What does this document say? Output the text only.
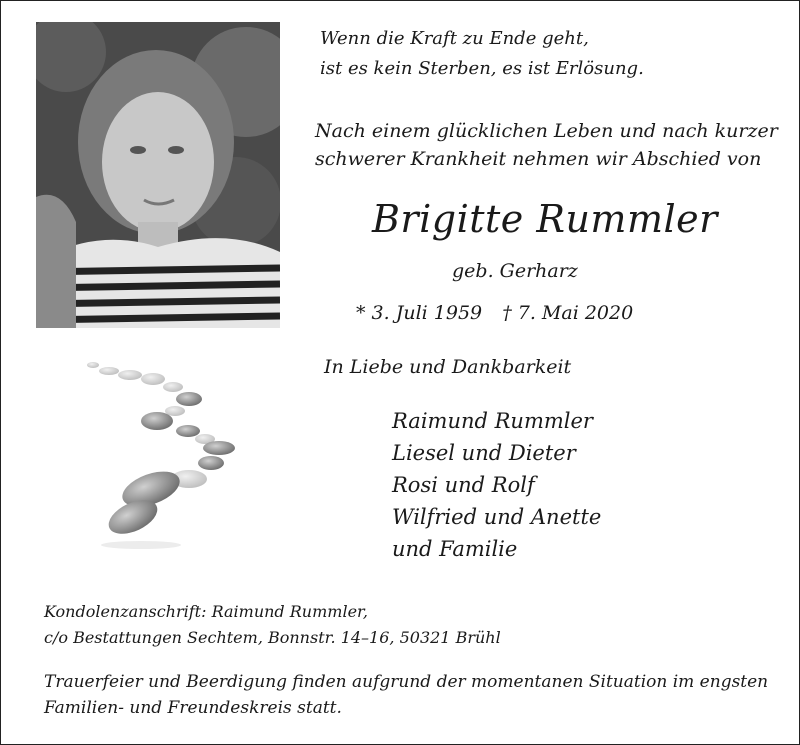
Wenn die Kraft zu Ende geht,
ist es kein Sterben, es ist Erlösung.
Nach einem glücklichen Leben und nach kurzer
schwerer Krankheit nehmen wir Abschied von
Brigitte Rummler
geb. Gerharz
* 3. Juli 1959 † 7. Mai 2020
In Liebe und Dankbarkeit
Raimund Rummler
Liesel und Dieter
Rosi und Rolf
Wilfried und Anette
und Familie
Kondolenzanschrift: Raimund Rummler,
c/o Bestattungen Sechtem, Bonnstr. 14–16, 50321 Brühl
Trauerfeier und Beerdigung finden aufgrund der momentanen Situation im engsten
Familien- und Freundeskreis statt.
